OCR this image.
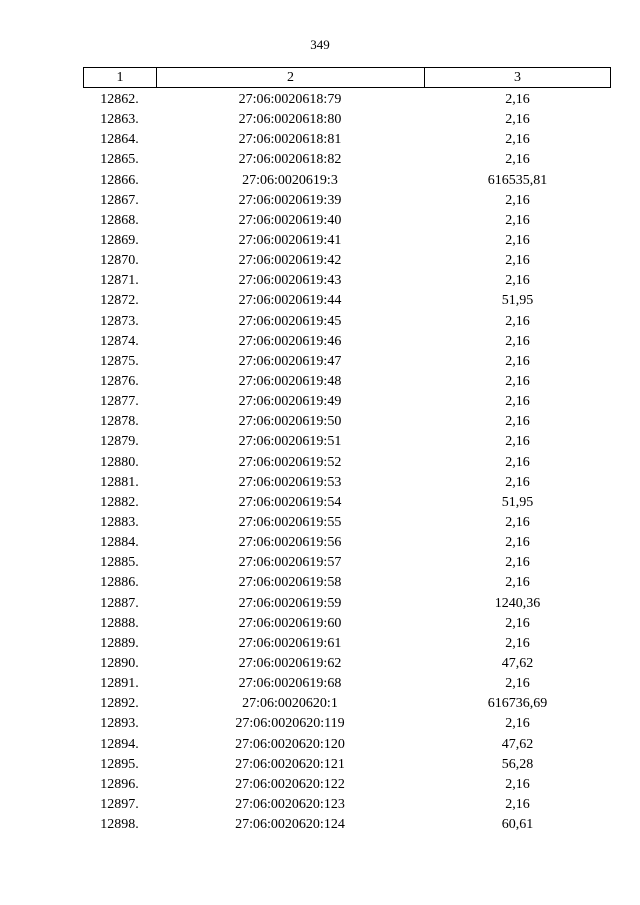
349
1	2	3
12862.	27:06:0020618:79	2,16
12863.	27:06:0020618:80	2,16
12864.	27:06:0020618:81	2,16
12865.	27:06:0020618:82	2,16
12866.	27:06:0020619:3	616535,81
12867.	27:06:0020619:39	2,16
12868.	27:06:0020619:40	2,16
12869.	27:06:0020619:41	2,16
12870.	27:06:0020619:42	2,16
12871.	27:06:0020619:43	2,16
12872.	27:06:0020619:44	51,95
12873.	27:06:0020619:45	2,16
12874.	27:06:0020619:46	2,16
12875.	27:06:0020619:47	2,16
12876.	27:06:0020619:48	2,16
12877.	27:06:0020619:49	2,16
12878.	27:06:0020619:50	2,16
12879.	27:06:0020619:51	2,16
12880.	27:06:0020619:52	2,16
12881.	27:06:0020619:53	2,16
12882.	27:06:0020619:54	51,95
12883.	27:06:0020619:55	2,16
12884.	27:06:0020619:56	2,16
12885.	27:06:0020619:57	2,16
12886.	27:06:0020619:58	2,16
12887.	27:06:0020619:59	1240,36
12888.	27:06:0020619:60	2,16
12889.	27:06:0020619:61	2,16
12890.	27:06:0020619:62	47,62
12891.	27:06:0020619:68	2,16
12892.	27:06:0020620:1	616736,69
12893.	27:06:0020620:119	2,16
12894.	27:06:0020620:120	47,62
12895.	27:06:0020620:121	56,28
12896.	27:06:0020620:122	2,16
12897.	27:06:0020620:123	2,16
12898.	27:06:0020620:124	60,61
